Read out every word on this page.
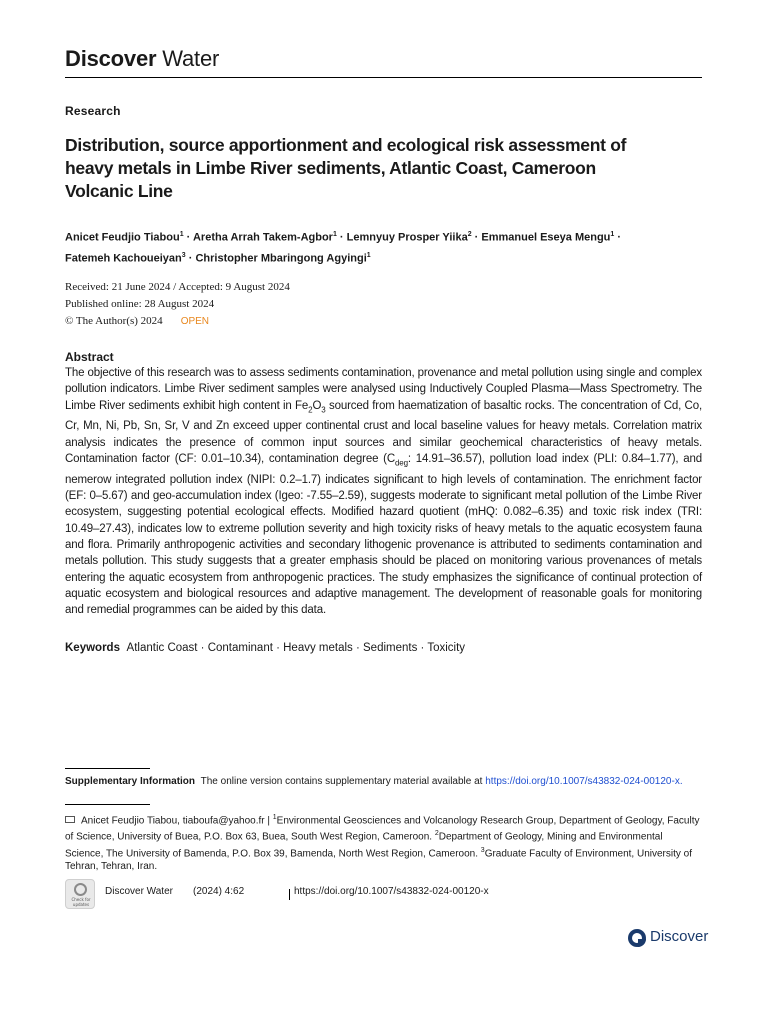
Discover Water
Research
Distribution, source apportionment and ecological risk assessment of heavy metals in Limbe River sediments, Atlantic Coast, Cameroon Volcanic Line
Anicet Feudjio Tiabou$^1$ · Aretha Arrah Takem-Agbor$^1$ · Lemnyuy Prosper Yiika$^2$ · Emmanuel Eseya Mengu$^1$ ·
Fatemeh Kachoueiyan$^3$ · Christopher Mbaringong Agyingi$^1$
Received: 21 June 2024 / Accepted: 9 August 2024
Published online: 28 August 2024
© The Author(s) 2024 OPEN
Abstract
The objective of this research was to assess sediments contamination, provenance and metal pollution using single and complex pollution indicators. Limbe River sediment samples were analysed using Inductively Coupled Plasma—Mass Spectrometry. The Limbe River sediments exhibit high content in $Fe_2O_3$ sourced from haematization of basaltic rocks. The concentration of Cd, Co, Cr, Mn, Ni, Pb, Sn, Sr, V and Zn exceed upper continental crust and local baseline values for heavy metals. Correlation matrix analysis indicates the presence of common input sources and similar geochemical characteristics of heavy metals. Contamination factor (CF: 0.01–10.34), contamination degree ($C_{deg}$: 14.91–36.57), pollution load index (PLI: 0.84–1.77), and nemerow integrated pollution index (NIPI: 0.2–1.7) indicates significant to high levels of contamination. The enrichment factor (EF: 0–5.67) and geo-accumulation index (Igeo: -7.55–2.59), suggests moderate to significant metal pollution of the Limbe River ecosystem, suggesting potential ecological effects. Modified hazard quotient (mHQ: 0.082–6.35) and toxic risk index (TRI: 10.49–27.43), indicates low to extreme pollution severity and high toxicity risks of heavy metals to the aquatic ecosystem fauna and flora. Primarily anthropogenic activities and secondary lithogenic provenance is attributed to sediments contamination and metals pollution. This study suggests that a greater emphasis should be placed on monitoring various provenances of metals entering the aquatic ecosystem from anthropogenic practices. The study emphasizes the significance of continual protection of aquatic ecosystem and biological resources and adaptive management. The development of reasonable goals for monitoring and remedial programmes can be aided by this data.
Keywords Atlantic Coast · Contaminant · Heavy metals · Sediments · Toxicity
Supplementary Information The online version contains supplementary material available at https://doi.org/10.1007/s43832-024-00120-x.
Anicet Feudjio Tiabou, tiaboufa@yahoo.fr | $^1$Environmental Geosciences and Volcanology Research Group, Department of Geology, Faculty of Science, University of Buea, P.O. Box 63, Buea, South West Region, Cameroon. $^2$Department of Geology, Mining and Environmental Science, The University of Bamenda, P.O. Box 39, Bamenda, North West Region, Cameroon. $^3$Graduate Faculty of Environment, University of Tehran, Tehran, Iran.
Check for updates
Discover Water (2024) 4:62	https://doi.org/10.1007/s43832-024-00120-x
Discover
